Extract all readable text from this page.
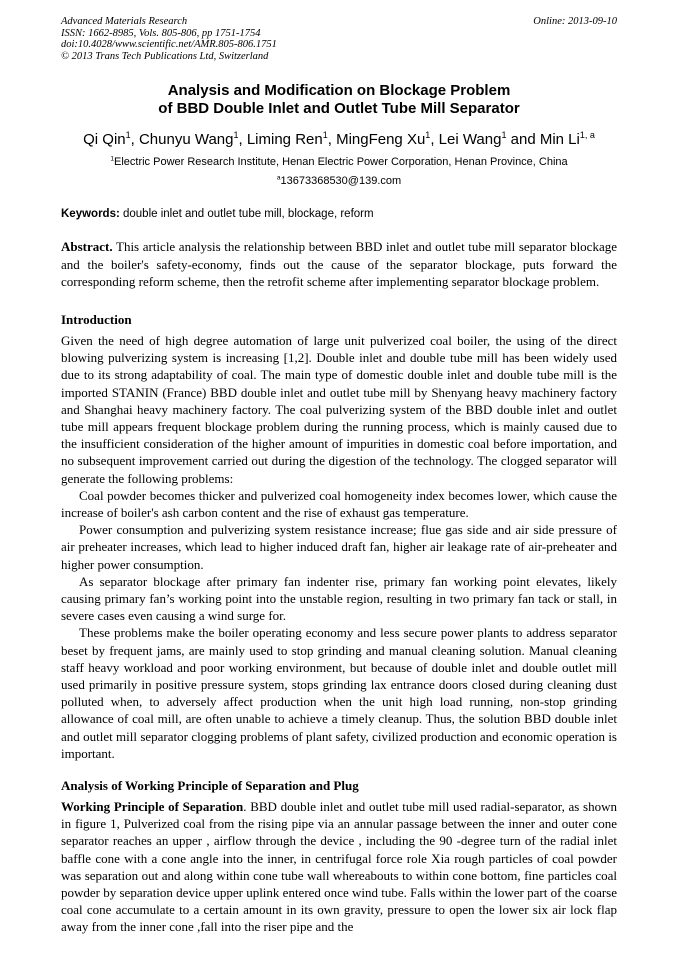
Advanced Materials Research
ISSN: 1662-8985, Vols. 805-806, pp 1751-1754
doi:10.4028/www.scientific.net/AMR.805-806.1751
© 2013 Trans Tech Publications Ltd, Switzerland
Online: 2013-09-10
Analysis and Modification on Blockage Problem
of BBD Double Inlet and Outlet Tube Mill Separator
Qi Qin$^1$, Chunyu Wang$^1$, Liming Ren$^1$, MingFeng Xu$^1$, Lei Wang$^1$ and Min Li$^{1, a}$
$^1$Electric Power Research Institute, Henan Electric Power Corporation, Henan Province, China
$^a$13673368530@139.com
Keywords: double inlet and outlet tube mill, blockage, reform

Abstract. This article analysis the relationship between BBD inlet and outlet tube mill separator blockage and the boiler's safety-economy, finds out the cause of the separator blockage, puts forward the corresponding reform scheme, then the retrofit scheme after implementing separator blockage problem.

Introduction

Given the need of high degree automation of large unit pulverized coal boiler, the using of the direct blowing pulverizing system is increasing [1,2]. Double inlet and double tube mill has been widely used due to its strong adaptability of coal. The main type of domestic double inlet and double tube mill is the imported STANIN (France) BBD double inlet and outlet tube mill by Shenyang heavy machinery factory and Shanghai heavy machinery factory. The coal pulverizing system of the BBD double inlet and outlet tube mill appears frequent blockage problem during the running process, which is mainly caused due to the insufficient consideration of the higher amount of impurities in domestic coal before importation, and no subsequent improvement carried out during the digestion of the technology. The clogged separator will generate the following problems:

Coal powder becomes thicker and pulverized coal homogeneity index becomes lower, which cause the increase of boiler's ash carbon content and the rise of exhaust gas temperature.

Power consumption and pulverizing system resistance increase; flue gas side and air side pressure of air preheater increases, which lead to higher induced draft fan, higher air leakage rate of air-preheater and higher power consumption.

As separator blockage after primary fan indenter rise, primary fan working point elevates, likely causing primary fan’s working point into the unstable region, resulting in two primary fan tack or stall, in severe cases even causing a wind surge for.

These problems make the boiler operating economy and less secure power plants to address separator beset by frequent jams, are mainly used to stop grinding and manual cleaning solution. Manual cleaning staff heavy workload and poor working environment, but because of double inlet and double outlet mill used primarily in positive pressure system, stops grinding lax entrance doors closed during cleaning dust polluted when, to adversely affect production when the unit high load running, non-stop grinding allowance of coal mill, are often unable to achieve a timely cleanup. Thus, the solution BBD double inlet and outlet mill separator clogging problems of plant safety, civilized production and economic operation is important.

Analysis of Working Principle of Separation and Plug

Working Principle of Separation. BBD double inlet and outlet tube mill used radial-separator, as shown in figure 1, Pulverized coal from the rising pipe via an annular passage between the inner and outer cone separator reaches an upper , airflow through the device , including the 90 -degree turn of the radial inlet baffle cone with a cone angle into the inner, in centrifugal force role Xia rough particles of coal powder was separation out and along within cone tube wall whereabouts to within cone bottom, fine particles coal powder by separation device upper uplink entered once wind tube. Falls within the lower part of the coarse coal cone accumulate to a certain amount in its own gravity, pressure to open the lower six air lock flap away from the inner cone ,fall into the riser pipe and the
